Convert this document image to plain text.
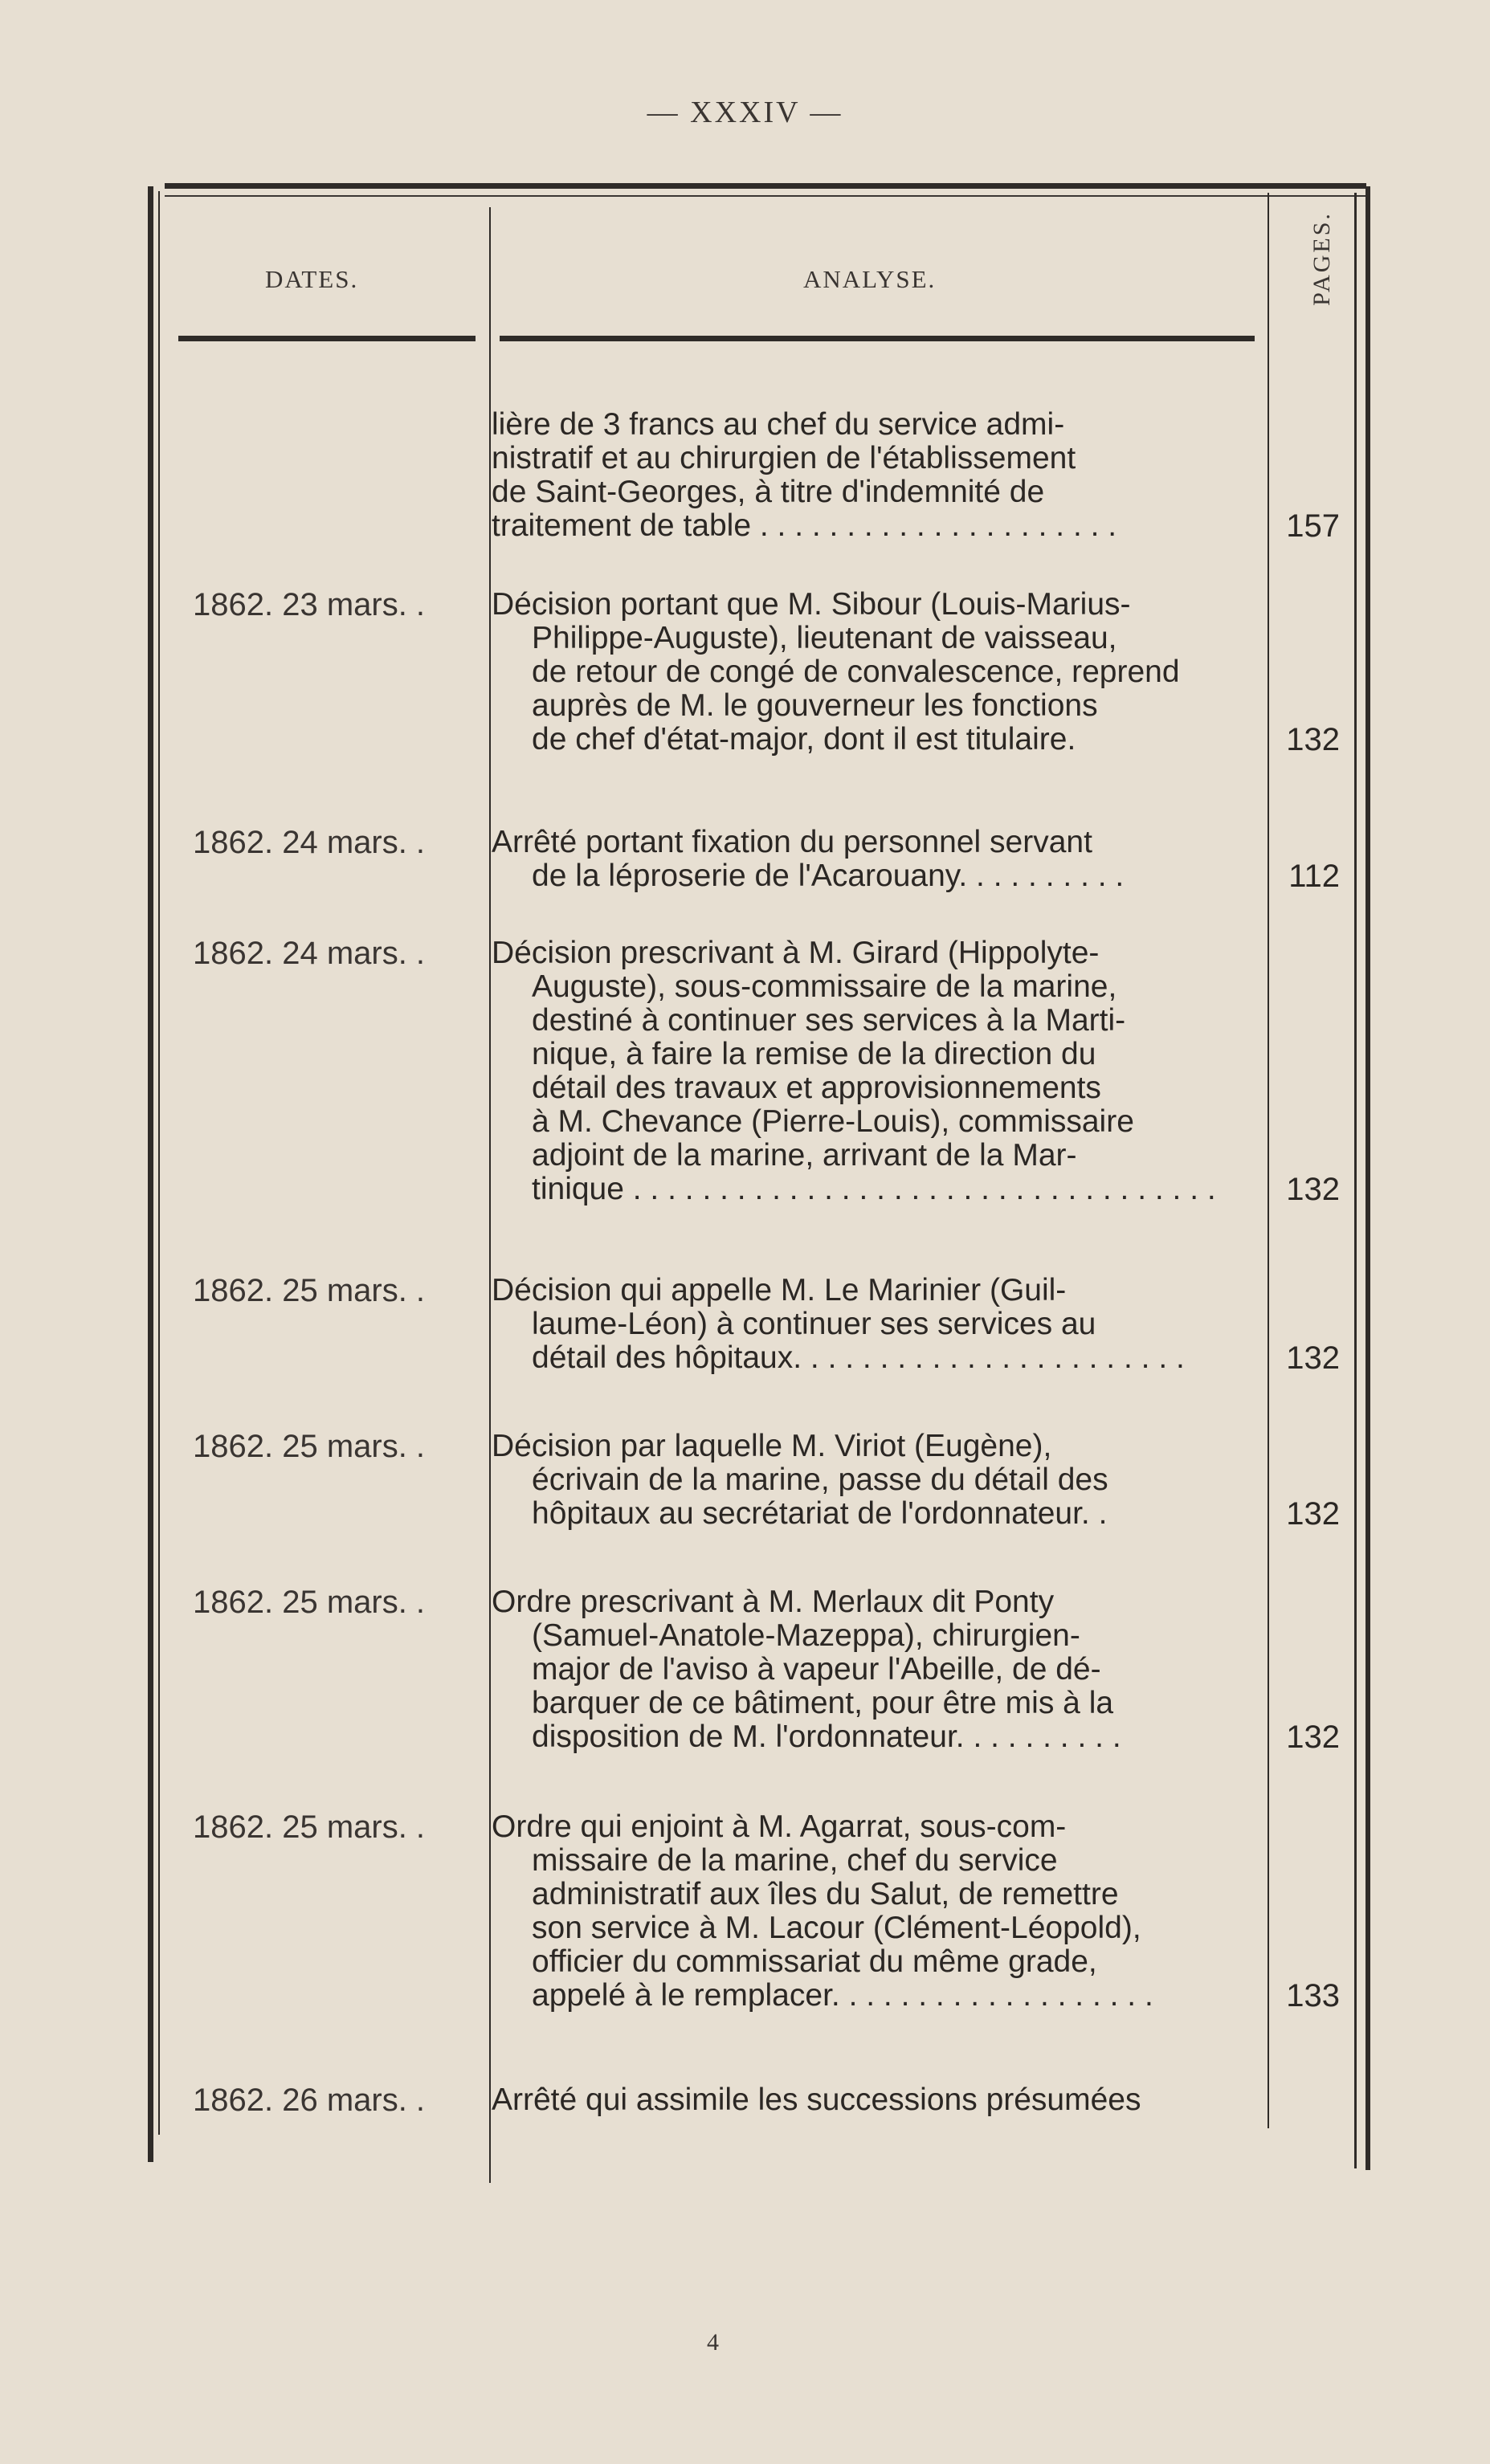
— XXXIV —
DATES.	ANALYSE.	PAGES.
lière de 3 francs au chef du service admi-
nistratif et au chirurgien de l'établissement
de Saint-Georges, à titre d'indemnité de
traitement de table . . . . . . . . . . . . . . . . . . . . .	157
1862. 23 mars. .	Décision portant que M. Sibour (Louis-Marius-
Philippe-Auguste), lieutenant de vaisseau,
de retour de congé de convalescence, reprend
auprès de M. le gouverneur les fonctions
de chef d'état-major, dont il est titulaire.	132
1862. 24 mars. .	Arrêté portant fixation du personnel servant
de la léproserie de l'Acarouany. . . . . . . . . .	112
1862. 24 mars. .	Décision prescrivant à M. Girard (Hippolyte-
Auguste), sous-commissaire de la marine,
destiné à continuer ses services à la Marti-
nique, à faire la remise de la direction du
détail des travaux et approvisionnements
à M. Chevance (Pierre-Louis), commissaire
adjoint de la marine, arrivant de la Mar-
tinique . . . . . . . . . . . . . . . . . . . . . . . . . . . . . . . . . .	132
1862. 25 mars. .	Décision qui appelle M. Le Marinier (Guil-
laume-Léon) à continuer ses services au
détail des hôpitaux. . . . . . . . . . . . . . . . . . . . . . .	132
1862. 25 mars. .	Décision par laquelle M. Viriot (Eugène),
écrivain de la marine, passe du détail des
hôpitaux au secrétariat de l'ordonnateur. .	132
1862. 25 mars. .	Ordre prescrivant à M. Merlaux dit Ponty
(Samuel-Anatole-Mazeppa), chirurgien-
major de l'aviso à vapeur l'Abeille, de dé-
barquer de ce bâtiment, pour être mis à la
disposition de M. l'ordonnateur. . . . . . . . . .	132
1862. 25 mars. .	Ordre qui enjoint à M. Agarrat, sous-com-
missaire de la marine, chef du service
administratif aux îles du Salut, de remettre
son service à M. Lacour (Clément-Léopold),
officier du commissariat du même grade,
appelé à le remplacer. . . . . . . . . . . . . . . . . . .	133
1862. 26 mars. .	Arrêté qui assimile les successions présumées
4
